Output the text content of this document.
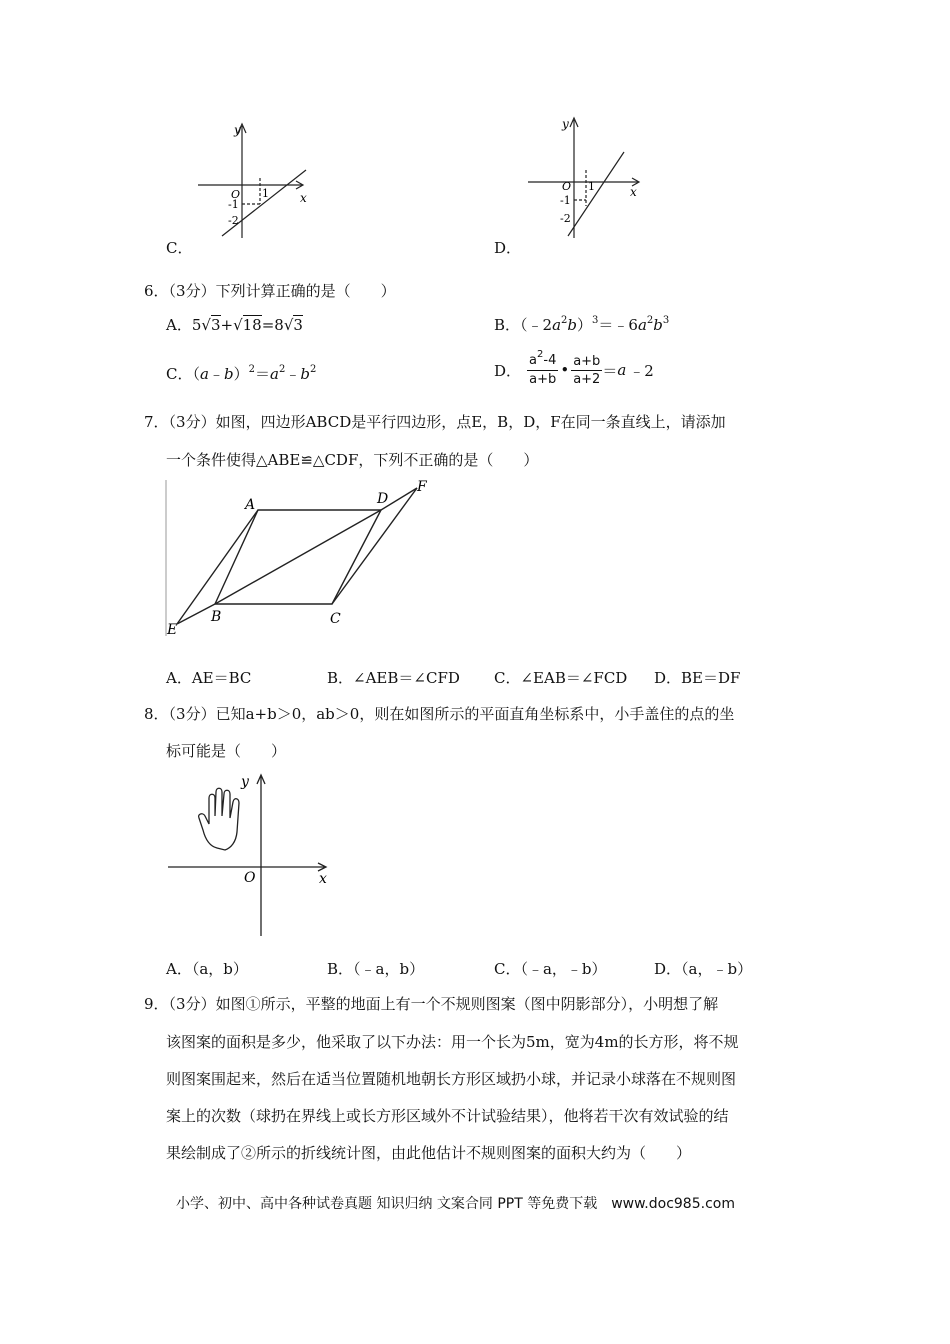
y
x
O 1
-1
-2
C．
y
x
O 1
-1
-2
D．
6．（3分）下列计算正确的是（　　）
A．5√3+√18=8√3	B．$(﹣2a^2b)^3=﹣6a^2b^3$
C．$(a﹣b)^2=a^2﹣b^2$	D． $\frac{a^2-4}{a+b}$ • $\frac{a+b}{a+2} = a$ ﹣2
7．（3分）如图，四边形ABCD是平行四边形，点E，B，D，F在同一条直线上，请添加
一个条件使得△ABE≌△CDF，下列不正确的是（　　）
A	D
F
E
B	C
A．AE＝BC	B．∠AEB＝∠CFD C．∠EAB＝∠FCD D．BE＝DF
8．（3分）已知a+b＞0，ab＞0，则在如图所示的平面直角坐标系中，小手盖住的点的坐
标可能是（　　）
y
O	x
A．（a，b）	B．（﹣a，b）	C．（﹣a，﹣b）	D．（a，﹣b）
9．（3分）如图①所示，平整的地面上有一个不规则图案（图中阴影部分），小明想了解
该图案的面积是多少，他采取了以下办法：用一个长为5m，宽为4m的长方形，将不规
则图案围起来，然后在适当位置随机地朝长方形区域扔小球，并记录小球落在不规则图
案上的次数（球扔在界线上或长方形区域外不计试验结果），他将若干次有效试验的结
果绘制成了②所示的折线统计图，由此他估计不规则图案的面积大约为（　　）
小学、初中、高中各种试卷真题 知识归纳 文案合同 PPT 等免费下载　www.doc985.com
